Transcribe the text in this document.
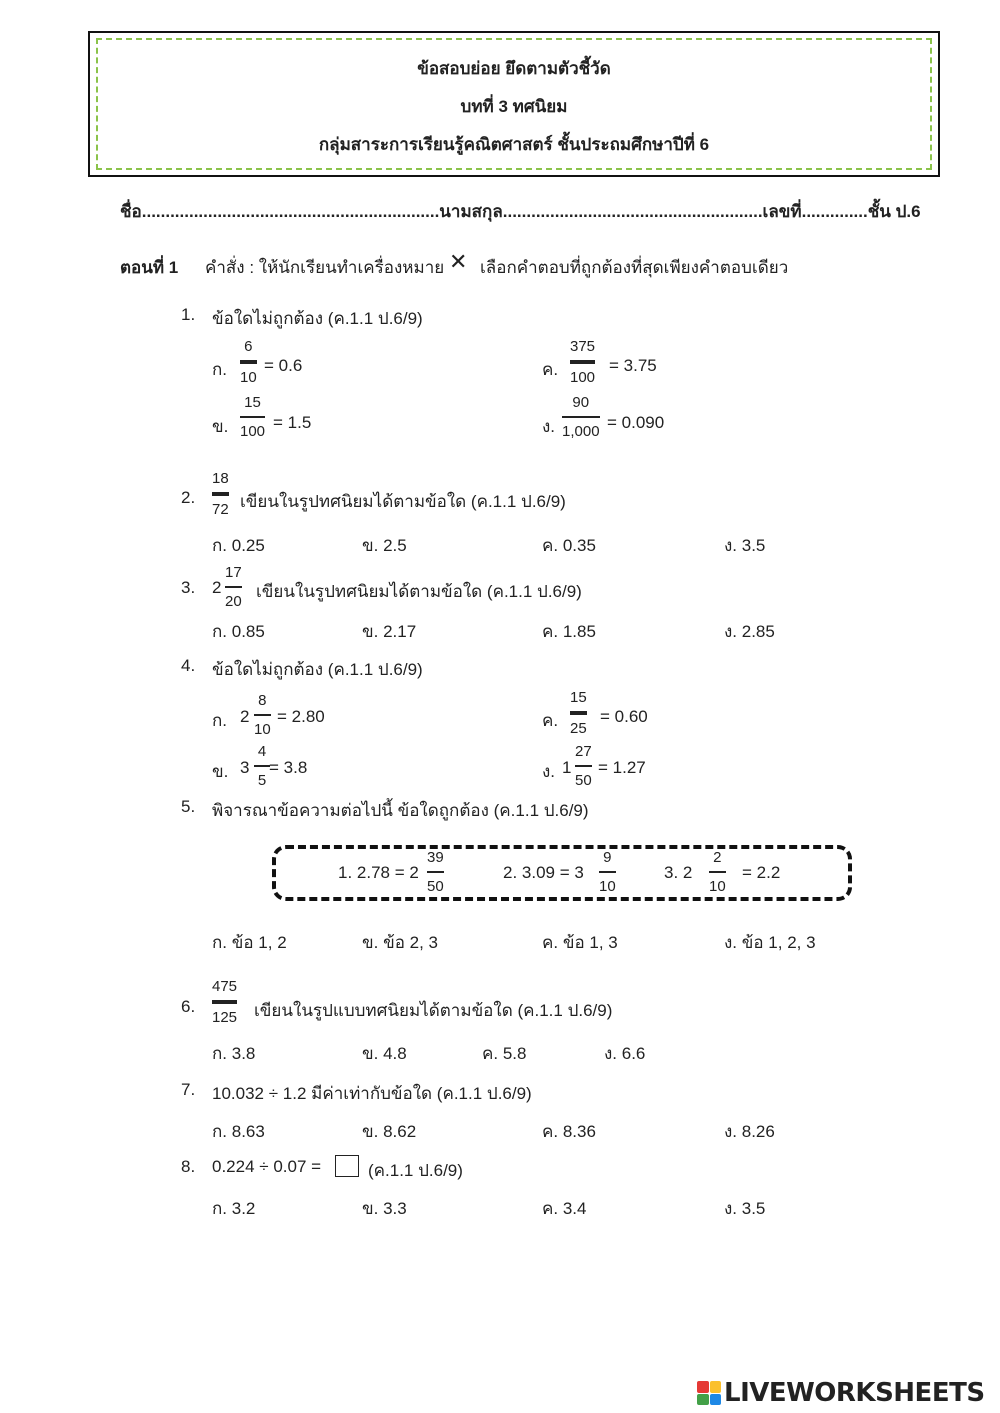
ข้อสอบย่อย ยึดตามตัวชี้วัด
บทที่ 3 ทศนิยม
กลุ่มสาระการเรียนรู้คณิตศาสตร์ ชั้นประถมศึกษาปีที่ 6
ชื่อ...............................................................นามสกุล.......................................................เลขที่..............ชั้น ป.6
ตอนที่ 1 คำสั่ง : ให้นักเรียนทำเครื่องหมาย ✕ เลือกคำตอบที่ถูกต้องที่สุดเพียงคำตอบเดียว
1. ข้อใดไม่ถูกต้อง (ค.1.1 ป.6/9)
ก.
6
10
= 0.6	ค.
375
100
= 3.75
ข.
15
100 = 1.5	ง.
90
1,000 = 0.090
2.
18
72 เขียนในรูปทศนิยมได้ตามข้อใด (ค.1.1 ป.6/9)
ก. 0.25	ข. 2.5	ค. 0.35	ง. 3.5
3. 2
17
20
เขียนในรูปทศนิยมได้ตามข้อใด (ค.1.1 ป.6/9)
ก. 0.85	ข. 2.17	ค. 1.85	ง. 2.85
4. ข้อใดไม่ถูกต้อง (ค.1.1 ป.6/9)
ก. 2
8
10
= 2.80	ค.
15
25
= 0.60
ข. 3
4
5
= 3.8	ง. 1
27
50
= 1.27
5. พิจารณาข้อความต่อไปนี้ ข้อใดถูกต้อง (ค.1.1 ป.6/9)
1. 2.78 = 2
39
50
2. 3.09 = 3
9
10
3. 2
2
10
= 2.2
ก. ข้อ 1, 2	ข. ข้อ 2, 3	ค. ข้อ 1, 3	ง. ข้อ 1, 2, 3
6.
475
125 เขียนในรูปแบบทศนิยมได้ตามข้อใด (ค.1.1 ป.6/9)
ก. 3.8	ข. 4.8	ค. 5.8	ง. 6.6
7. 10.032 ÷ 1.2 มีค่าเท่ากับข้อใด (ค.1.1 ป.6/9)
ก. 8.63	ข. 8.62	ค. 8.36	ง. 8.26
8. 0.224 ÷ 0.07 =	(ค.1.1 ป.6/9)
ก. 3.2	ข. 3.3	ค. 3.4	ง. 3.5
LIVEWORKSHEETS
